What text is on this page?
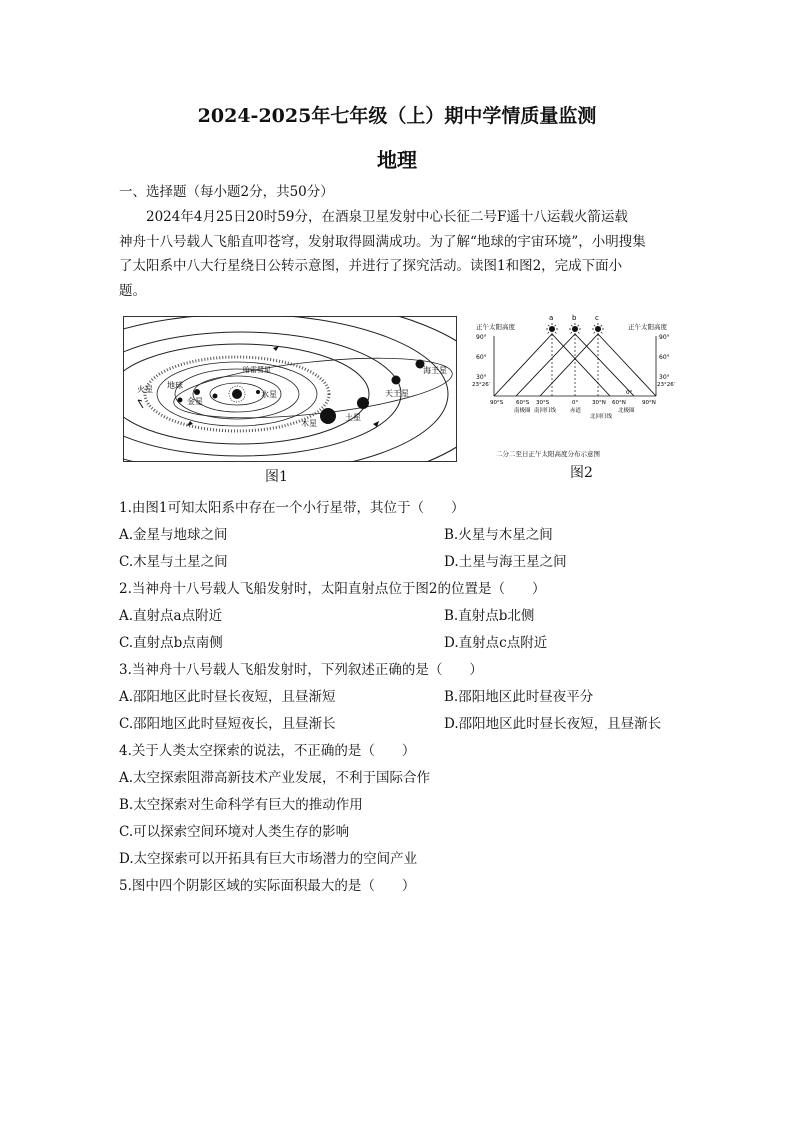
2024-2025年七年级（上）期中学情质量监测
地理
一、选择题（每小题2分，共50分）

2024年4月25日20时59分，在酒泉卫星发射中心长征二号F遥十八运载火箭运载

神舟十八号载人飞船直叩苍穹，发射取得圆满成功。为了解“地球的宇宙环境”，小明搜集

了太阳系中八大行星绕日公转示意图，并进行了探究活动。读图1和图2，完成下面小

题。

水星
金星
地球
火星
木星
土星
天王星
海王星
哈雷彗星
图1
正午太阳高度	正午太阳高度
90°
60°
30°
23°26′
90°
60°
30°
23°26′
a	b	c
0°
90°S 60°S 30°S	0°	30°N 60°N	90°N
南极圈 南回归线	赤道
北回归线
北极圈
二分二至日正午太阳高度分布示意图
图2
1.由图1可知太阳系中存在一个小行星带，其位于（　　）
A.金星与地球之间	B.火星与木星之间
C.木星与土星之间	D.土星与海王星之间
2.当神舟十八号载人飞船发射时，太阳直射点位于图2的位置是（　　）
A.直射点a点附近	B.直射点b北侧
C.直射点b点南侧	D.直射点c点附近
3.当神舟十八号载人飞船发射时，下列叙述正确的是（　　）
A.邵阳地区此时昼长夜短，且昼渐短	B.邵阳地区此时昼夜平分
C.邵阳地区此时昼短夜长，且昼渐长	D.邵阳地区此时昼长夜短，且昼渐长
4.关于人类太空探索的说法，不正确的是（　　）
A.太空探索阻滞高新技术产业发展，不利于国际合作
B.太空探索对生命科学有巨大的推动作用
C.可以探索空间环境对人类生存的影响
D.太空探索可以开拓具有巨大市场潜力的空间产业
5.图中四个阴影区域的实际面积最大的是（　　）
